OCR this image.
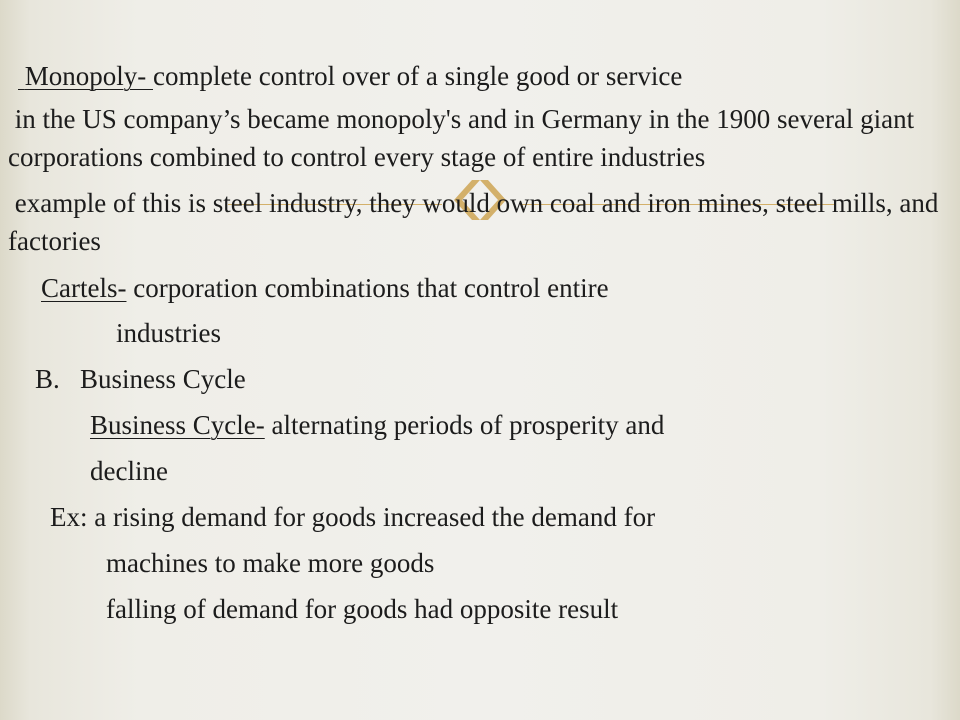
Monopoly- complete control over of a single good or service

in the US company’s became monopoly's and in Germany in the 1900 several giant corporations combined to control every stage of entire industries

example of this is steel industry, they would own coal and iron mines, steel mills, and factories

Cartels- corporation combinations that control entire

industries

B.   Business Cycle

Business Cycle- alternating periods of prosperity and

decline

Ex: a rising demand for goods increased the demand for

machines to make more goods

falling of demand for goods had opposite result
